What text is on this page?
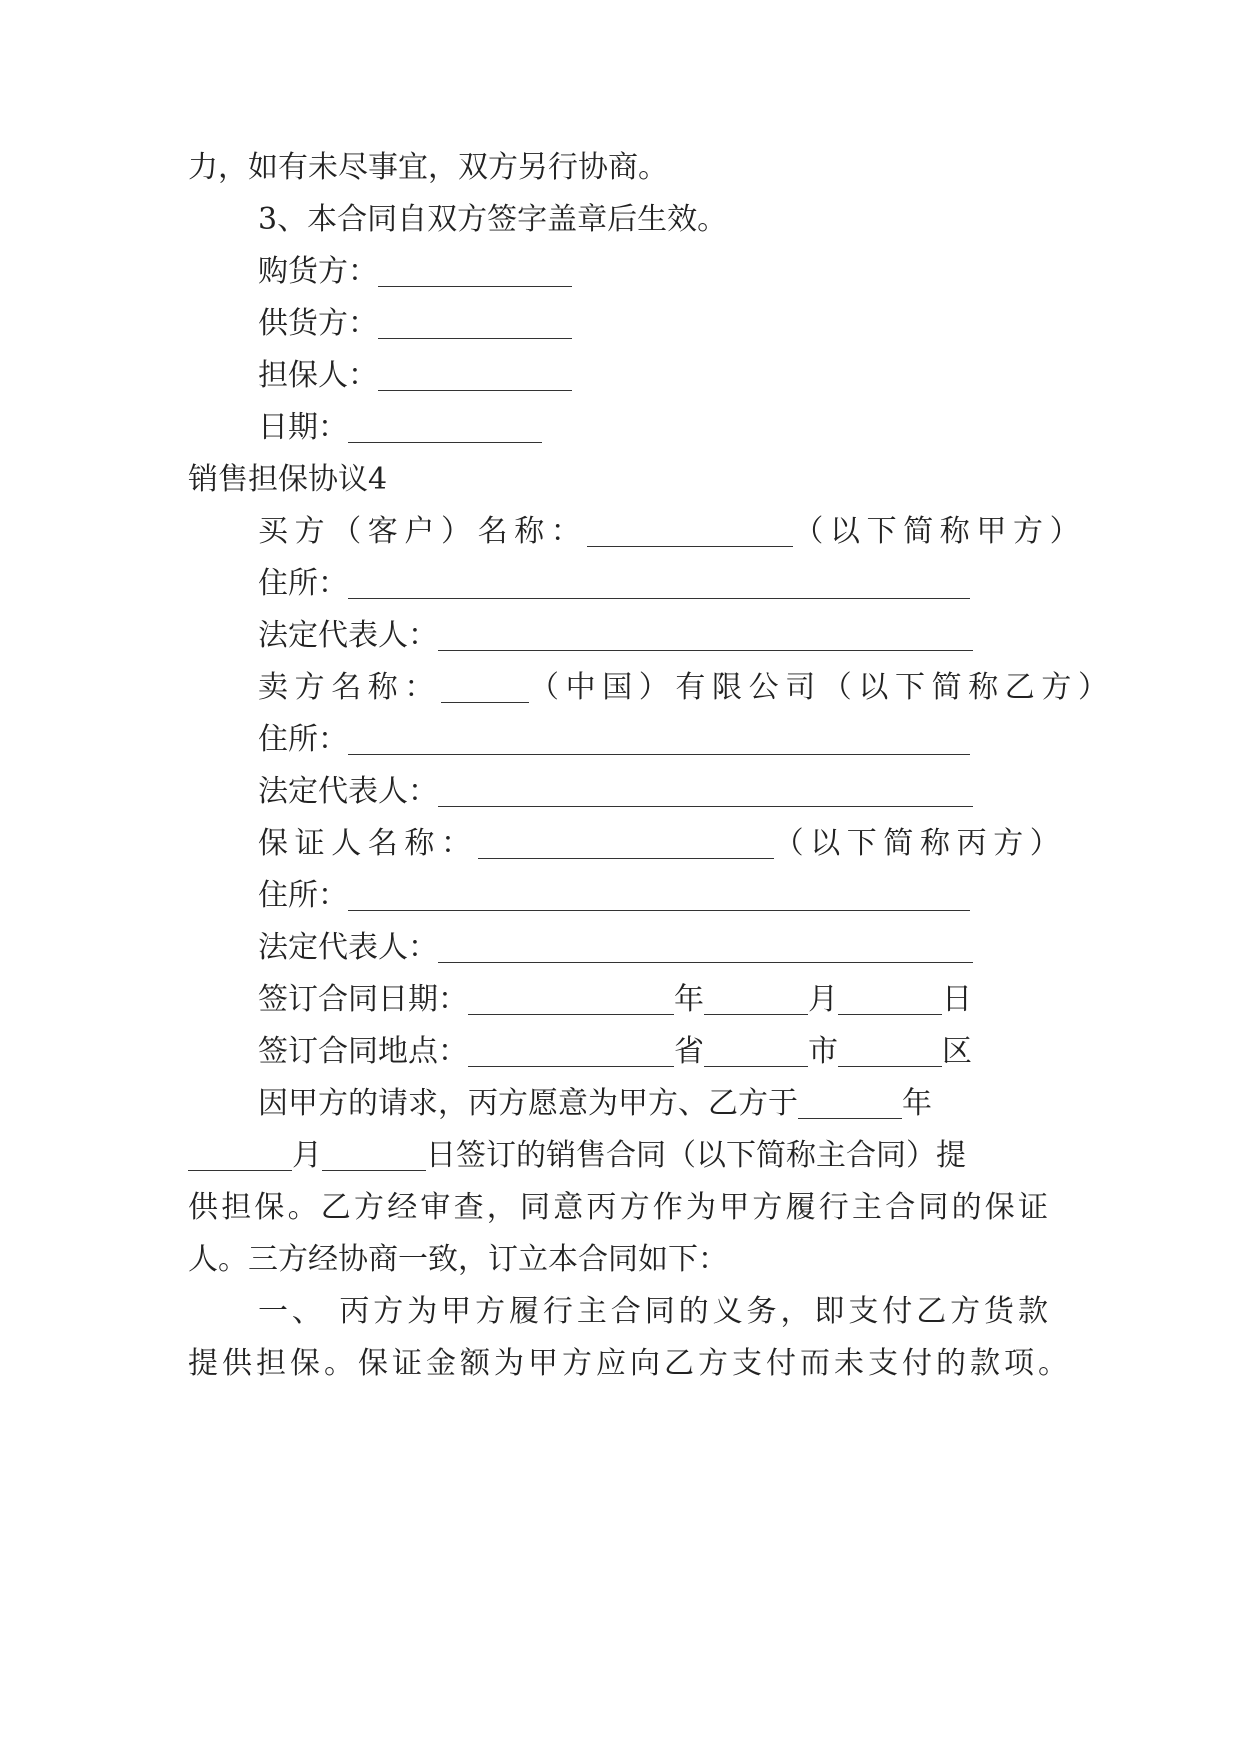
力，如有未尽事宜，双方另行协商。
3、本合同自双方签字盖章后生效。
购货方：
供货方：
担保人：
日期：
销售担保协议4
买方（客户）名称：	（以下简称甲方）
住所：
法定代表人：
卖方名称：	（中国）有限公司（以下简称乙方）
住所：
法定代表人：
保证人名称：	（以下简称丙方）
住所：
法定代表人：
签订合同日期：	年	月	日
签订合同地点：	省	市	区
因甲方的请求，丙方愿意为甲方、乙方于	年
月	日签订的销售合同（以下简称主合同）提
供担保。乙方经审查，同意丙方作为甲方履行主合同的保证
人。三方经协商一致，订立本合同如下：
一、 丙方为甲方履行主合同的义务，即支付乙方货款
提供担保。保证金额为甲方应向乙方支付而未支付的款项。
